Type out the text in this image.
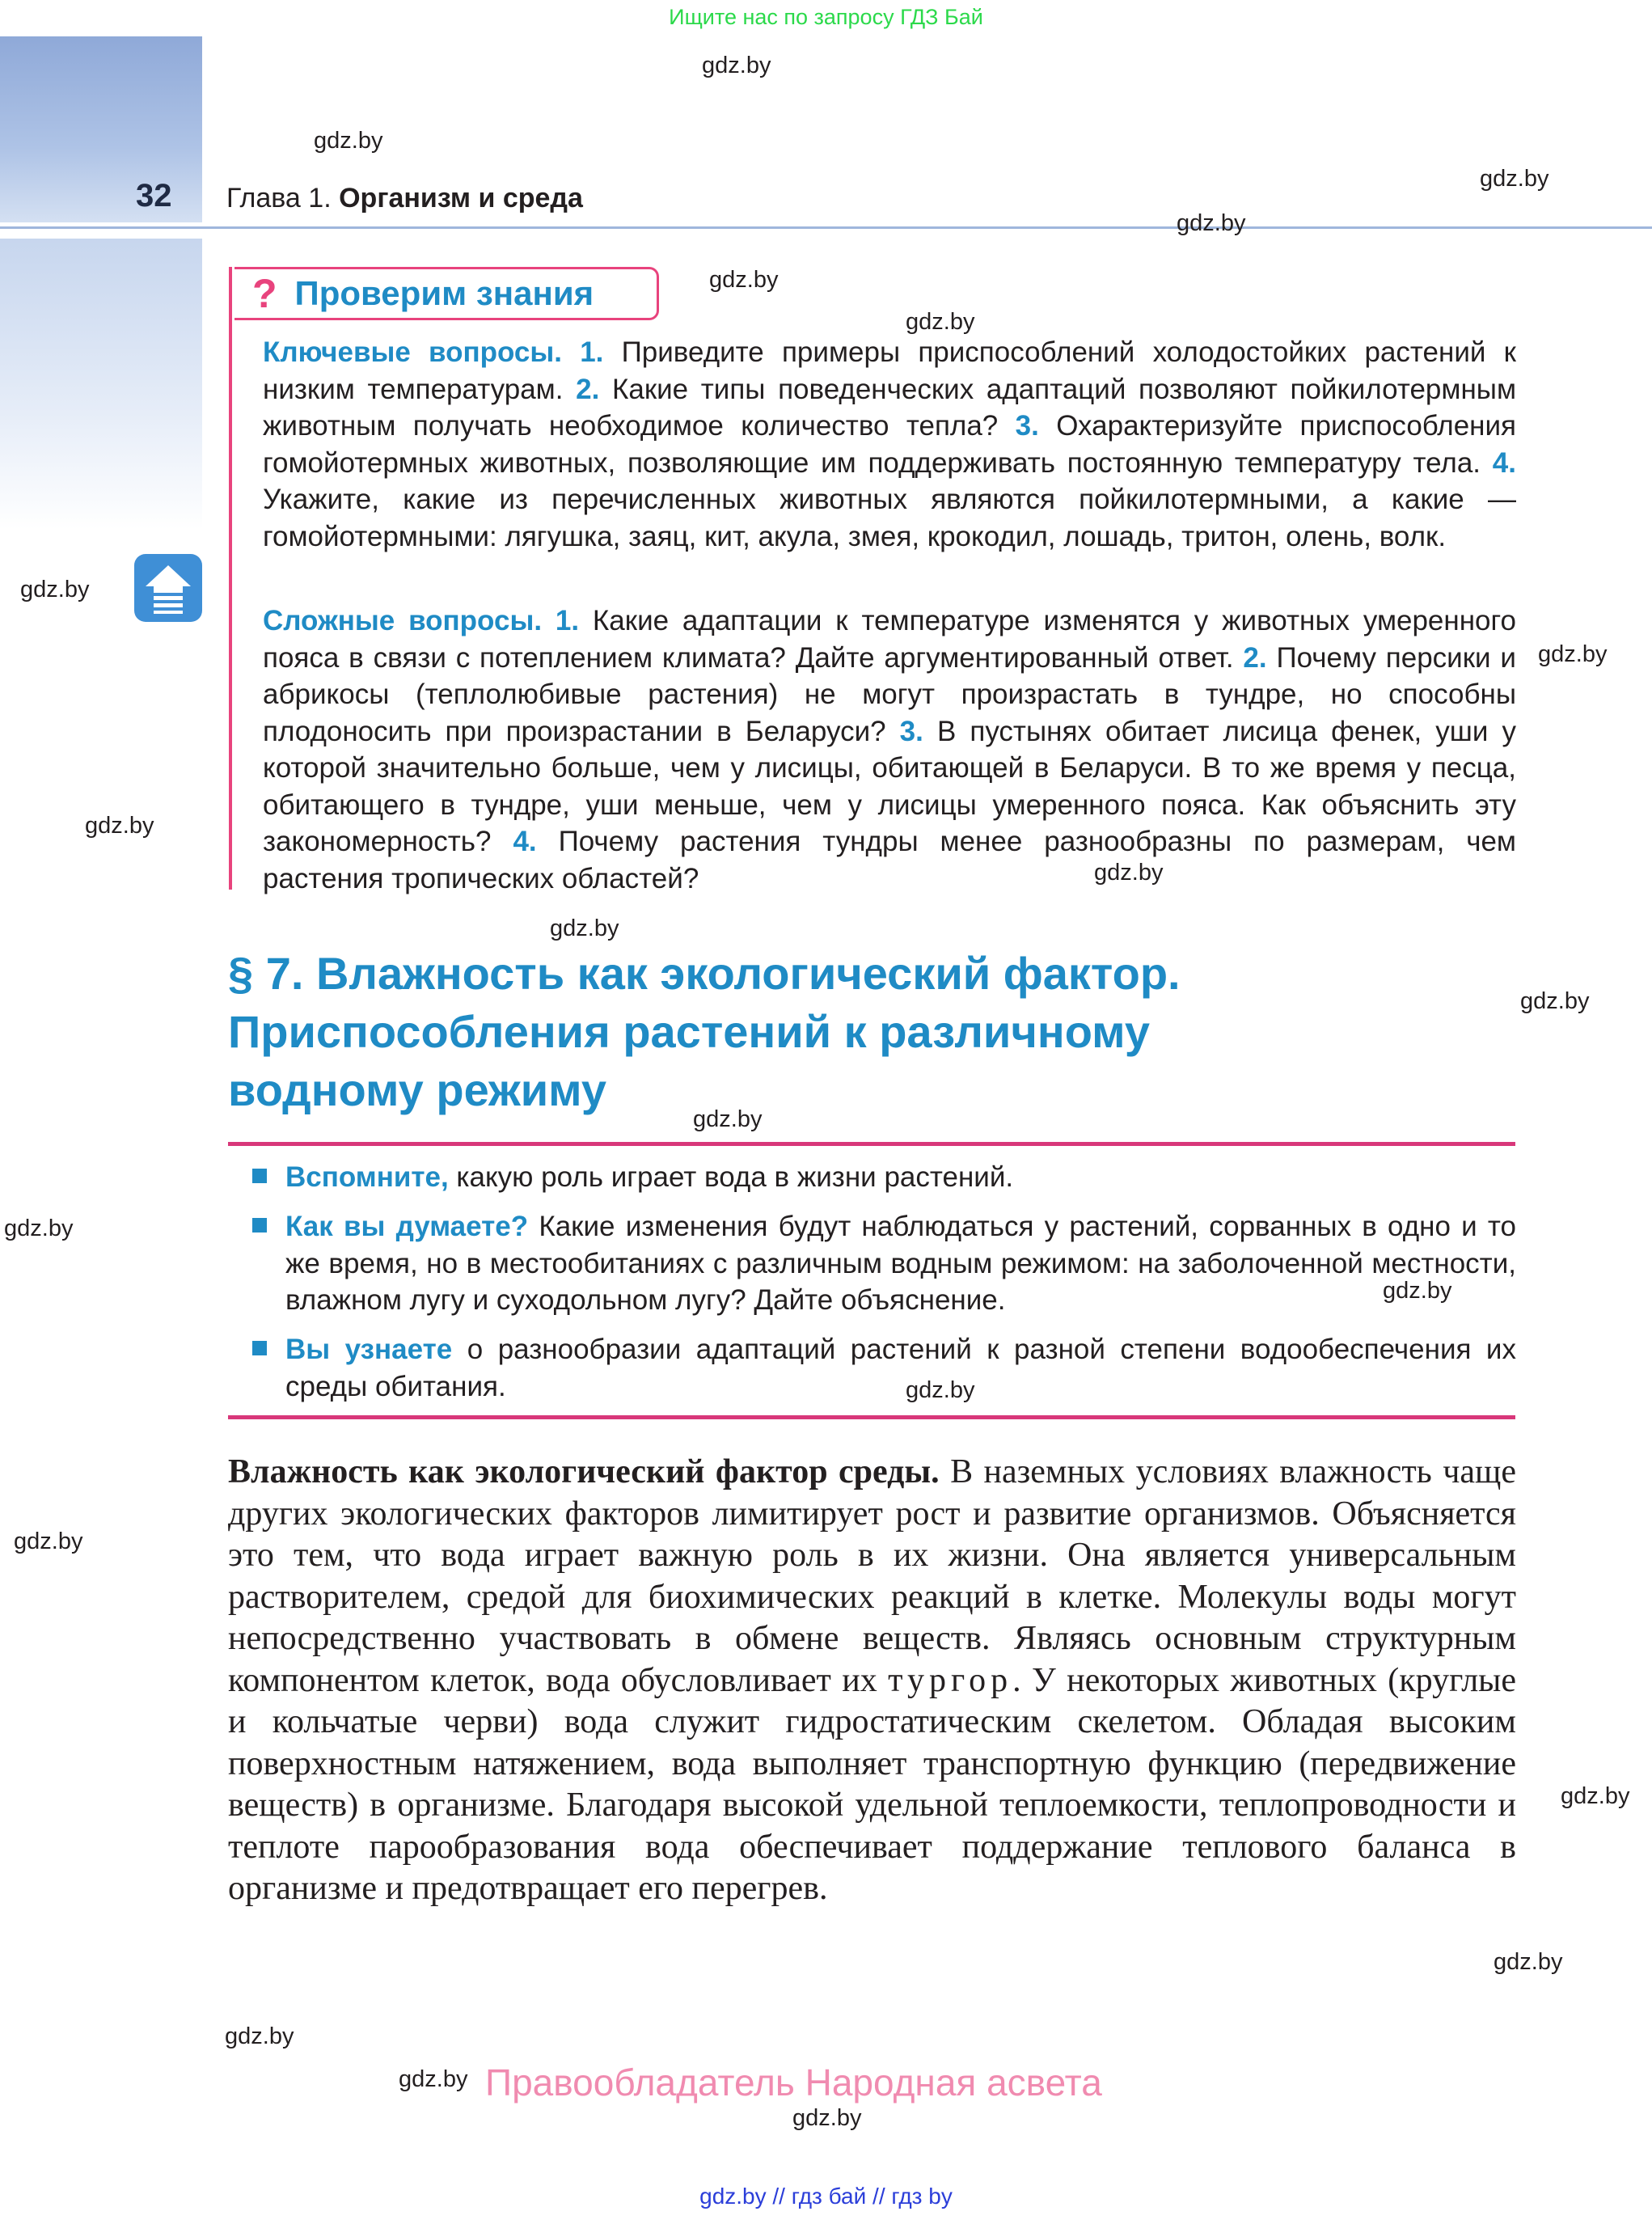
Ищите нас по запросу ГДЗ Бай
32 Глава 1. Организм и среда
gdz.by
gdz.by
gdz.by
gdz.by
gdz.by
gdz.by
gdz.by
gdz.by
gdz.by
gdz.by
gdz.by
gdz.by
gdz.by
gdz.by
gdz.by
gdz.by
gdz.by
gdz.by
gdz.by
gdz.by
gdz.by
gdz.by
? Проверим знания
Ключевые вопросы. 1. Приведите примеры приспособлений холодостойких растений к низким температурам. 2. Какие типы поведенческих адаптаций позволяют пойкилотермным животным получать необходимое количество тепла? 3. Охарактеризуйте приспособления гомойотермных животных, позволяющие им поддерживать постоянную температуру тела. 4. Укажите, какие из перечисленных животных являются пойкилотермными, а какие — гомойотермными: лягушка, заяц, кит, акула, змея, крокодил, лошадь, тритон, олень, волк.
Сложные вопросы. 1. Какие адаптации к температуре изменятся у животных умеренного пояса в связи с потеплением климата? Дайте аргументированный ответ. 2. Почему персики и абрикосы (теплолюбивые растения) не могут произрастать в тундре, но способны плодоносить при произрастании в Беларуси? 3. В пустынях обитает лисица фенек, уши у которой значительно больше, чем у лисицы, обитающей в Беларуси. В то же время у песца, обитающего в тундре, уши меньше, чем у лисицы умеренного пояса. Как объяснить эту закономерность? 4. Почему растения тундры менее разнообразны по размерам, чем растения тропических областей?
§ 7. Влажность как экологический фактор.
Приспособления растений к различному
водному режиму
Вспомните, какую роль играет вода в жизни растений.
Как вы думаете? Какие изменения будут наблюдаться у растений, сорванных в одно и то же время, но в местообитаниях с различным водным режимом: на заболоченной местности, влажном лугу и суходольном лугу? Дайте объяснение.
Вы узнаете о разнообразии адаптаций растений к разной степени водообеспечения их среды обитания.
Влажность как экологический фактор среды. В наземных условиях влажность чаще других экологических факторов лимитирует рост и развитие организмов. Объясняется это тем, что вода играет важную роль в их жизни. Она является универсальным растворителем, средой для биохимических реакций в клетке. Молекулы воды могут непосредственно участвовать в обмене веществ. Являясь основным структурным компонентом клеток, вода обусловливает их тургор. У некоторых животных (круглые и кольчатые черви) вода служит гидростатическим скелетом. Обладая высоким поверхностным натяжением, вода выполняет транспортную функцию (передвижение веществ) в организме. Благодаря высокой удельной теплоемкости, теплопроводности и теплоте парообразования вода обеспечивает поддержание теплового баланса в организме и предотвращает его перегрев.
Правообладатель Народная асвета
gdz.by // гдз бай // гдз by
